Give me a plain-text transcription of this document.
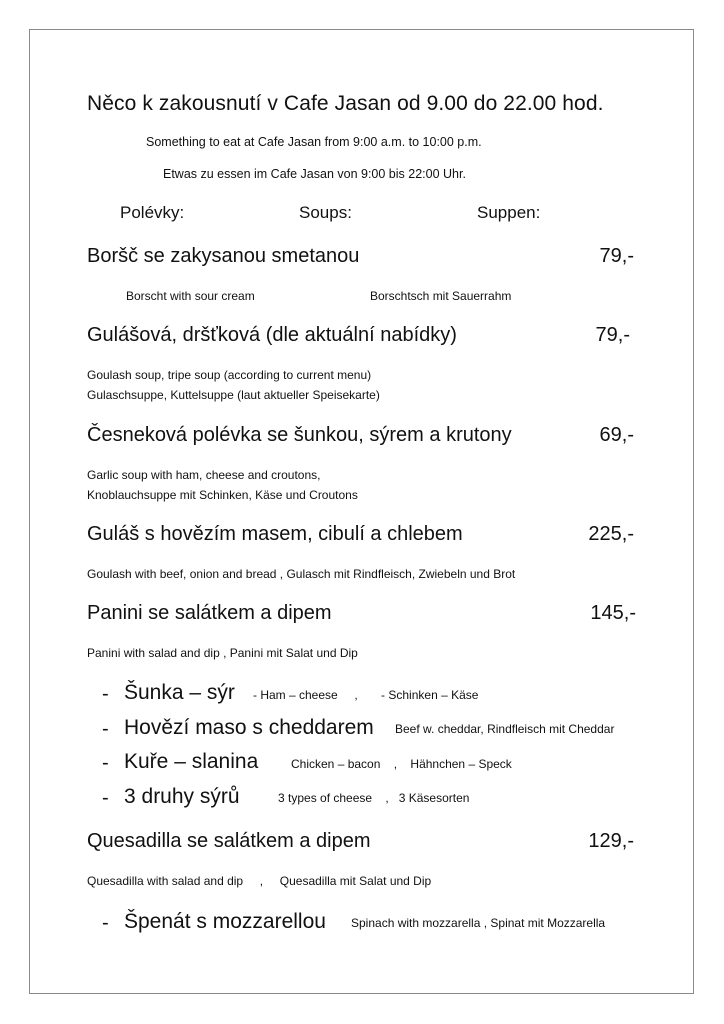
Něco k zakousnutí v Cafe Jasan od 9.00 do 22.00 hod.
Something to eat at Cafe Jasan from 9:00 a.m. to 10:00 p.m.
Etwas zu essen im Cafe Jasan von 9:00 bis 22:00 Uhr.
Polévky:	Soups:	Suppen:
Boršč se zakysanou smetanou	79,-
Borscht with sour cream	Borschtsch mit Sauerrahm
Gulášová, dršťková (dle aktuální nabídky)	79,-
Goulash soup, tripe soup (according to current menu)
Gulaschsuppe, Kuttelsuppe (laut aktueller Speisekarte)
Česneková polévka se šunkou, sýrem a krutony	69,-
Garlic soup with ham, cheese and croutons,
Knoblauchsuppe mit Schinken, Käse und Croutons
Guláš s hovězím masem, cibulí a chlebem	225,-
Goulash with beef, onion and bread , Gulasch mit Rindfleisch, Zwiebeln und Brot
Panini se salátkem a dipem	145,-
Panini with salad and dip , Panini mit Salat und Dip
- Šunka – sýr - Ham – cheese     ,       - Schinken – Käse
- Hovězí maso s cheddarem Beef w. cheddar, Rindfleisch mit Cheddar
- Kuře – slanina	Chicken – bacon    ,    Hähnchen – Speck
- 3 druhy sýrů	3 types of cheese    ,   3 Käsesorten
Quesadilla se salátkem a dipem	129,-
Quesadilla with salad and dip     ,     Quesadilla mit Salat und Dip
- Špenát s mozzarellou Spinach with mozzarella , Spinat mit Mozzarella
